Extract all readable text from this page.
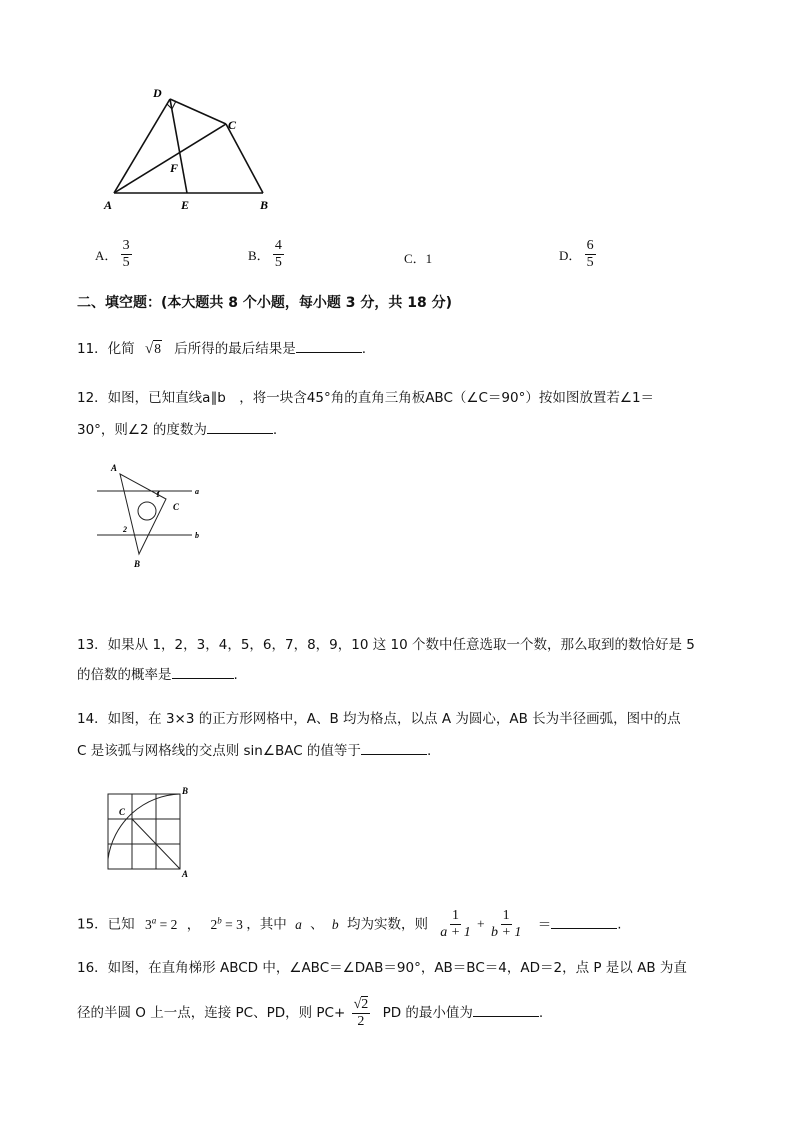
D
C
F
A	E	B
A． $\frac{3}{5}$	B． $\frac{4}{5}$	C．1	D． $\frac{6}{5}$
二、填空题：(本大题共 8 个小题，每小题 3 分，共 18 分)
11．化简 √8 后所得的最后结果是	.
12．如图，已知直线a∥b　，将一块含45°角的直角三角板ABC（∠C＝90°）按如图放置若∠1＝
30°，则∠2 的度数为	.
A
C
B
a
b
1
2
13．如果从 1，2，3，4，5，6，7，8，9，10 这 10 个数中任意选取一个数，那么取到的数恰好是 5
的倍数的概率是	.
14．如图，在 3×3 的正方形网格中，A、B 均为格点，以点 A 为圆心，AB 长为半径画弧，图中的点
C 是该弧与网格线的交点则 sin∠BAC 的值等于	.
B
C
A
15．已知 $3^a = 2$ ， $2^b = 3$ ，其中 a 、 b 均为实数，则 $\frac{1}{a + 1} + \frac{1}{b + 1}$ ＝	.
16．如图，在直角梯形 ABCD 中，∠ABC＝∠DAB＝90°，AB＝BC＝4，AD＝2，点 P 是以 AB 为直
径的半圆 O 上一点，连接 PC、PD，则 $PC+ \frac{√2}{2}$ PD 的最小值为	.
